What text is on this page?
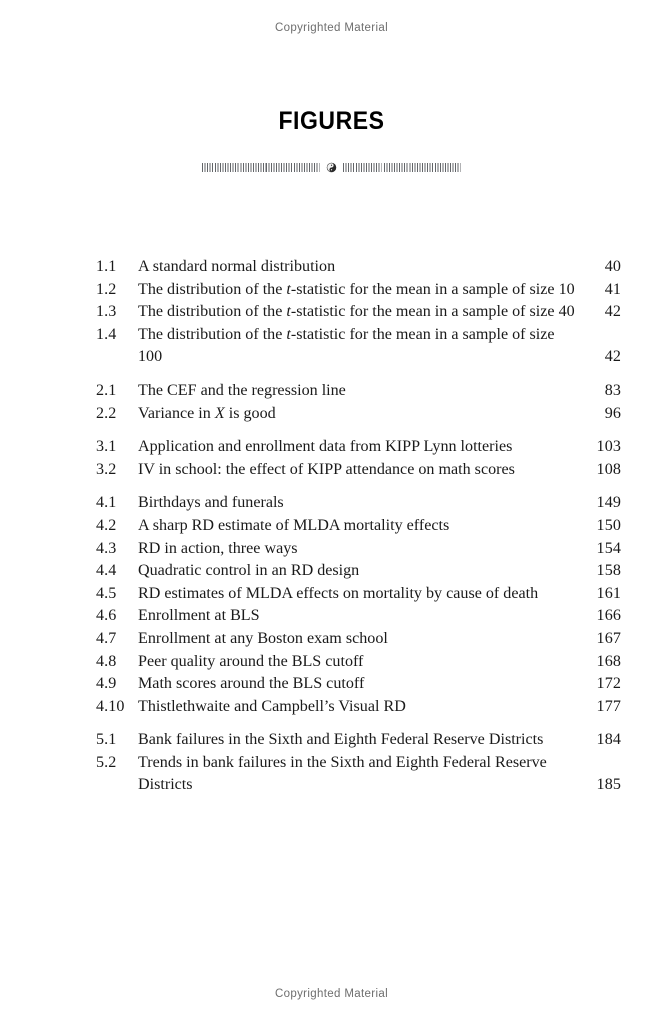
Copyrighted Material
FIGURES
1.1	A standard normal distribution	40
1.2	The distribution of the t-statistic for the mean in a sample of size 10	41
1.3	The distribution of the t-statistic for the mean in a sample of size 40	42
1.4	The distribution of the t-statistic for the mean in a sample of size 100	42
2.1	The CEF and the regression line	83
2.2	Variance in X is good	96
3.1	Application and enrollment data from KIPP Lynn lotteries	103
3.2	IV in school: the effect of KIPP attendance on math scores	108
4.1	Birthdays and funerals	149
4.2	A sharp RD estimate of MLDA mortality effects	150
4.3	RD in action, three ways	154
4.4	Quadratic control in an RD design	158
4.5	RD estimates of MLDA effects on mortality by cause of death	161
4.6	Enrollment at BLS	166
4.7	Enrollment at any Boston exam school	167
4.8	Peer quality around the BLS cutoff	168
4.9	Math scores around the BLS cutoff	172
4.10 Thistlethwaite and Campbell’s Visual RD	177
5.1	Bank failures in the Sixth and Eighth Federal Reserve Districts	184
5.2	Trends in bank failures in the Sixth and Eighth Federal Reserve Districts	185
Copyrighted Material
